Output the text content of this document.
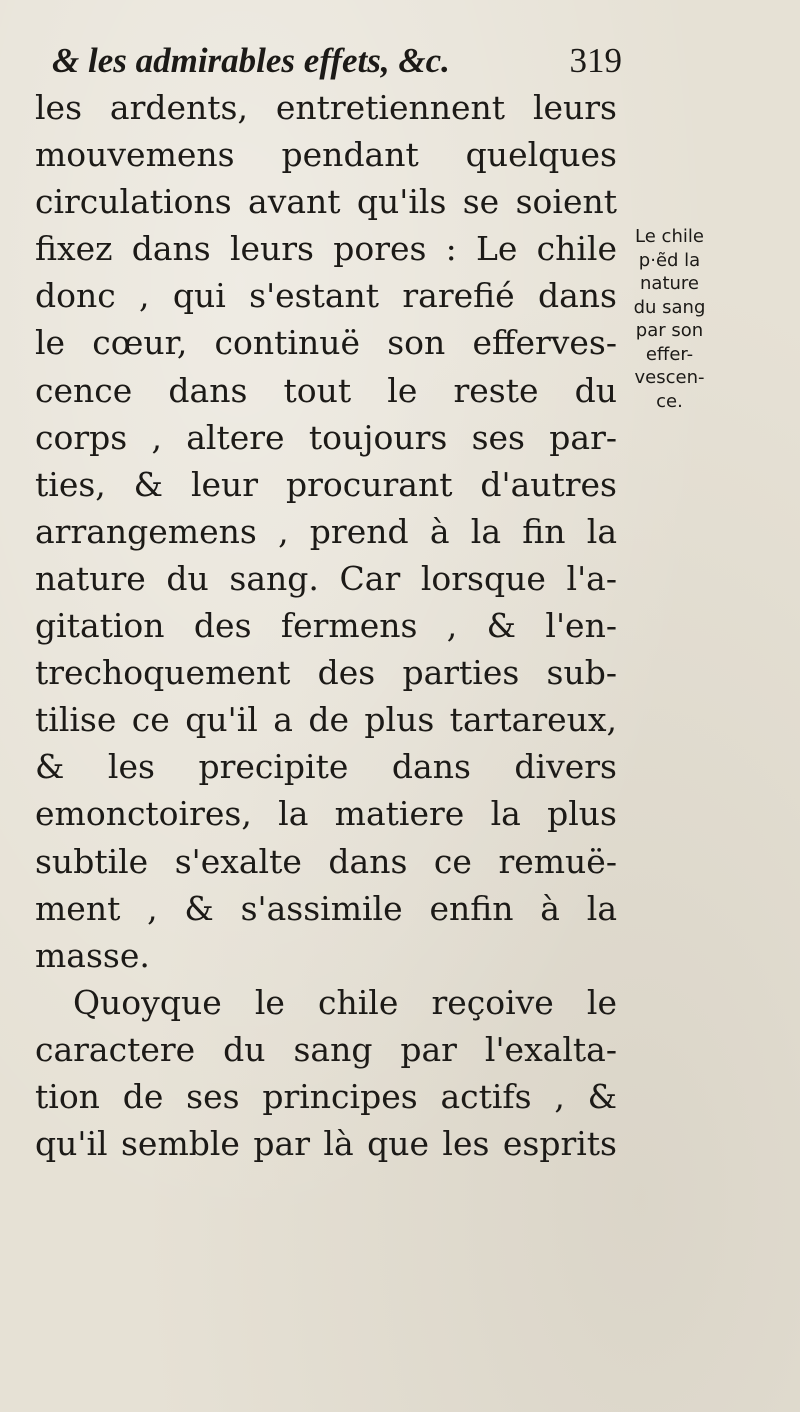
& les admirables effets, &c.	319
les ardents, entretiennent leurs
mouvemens pendant quelques
circulations avant qu'ils se soient
fixez dans leurs pores : Le chile
donc , qui s'estant rarefié dans
le cœur, continuë son efferves-
cence dans tout le reste du
corps , altere toujours ses par-
ties, & leur procurant d'autres
arrangemens , prend à la fin la
nature du sang. Car lorsque l'a-
gitation des fermens , & l'en-
trechoquement des parties sub-
tilise ce qu'il a de plus tartareux,
& les precipite dans divers
emonctoires, la matiere la plus
subtile s'exalte dans ce remuë-
ment , & s'assimile enfin à la
masse.
Quoyque le chile reçoive le
caractere du sang par l'exalta-
tion de ses principes actifs , &
qu'il semble par là que les esprits
Le chile
p·ẽd la
nature
du sang
par son
effer-
vescen-
ce.
